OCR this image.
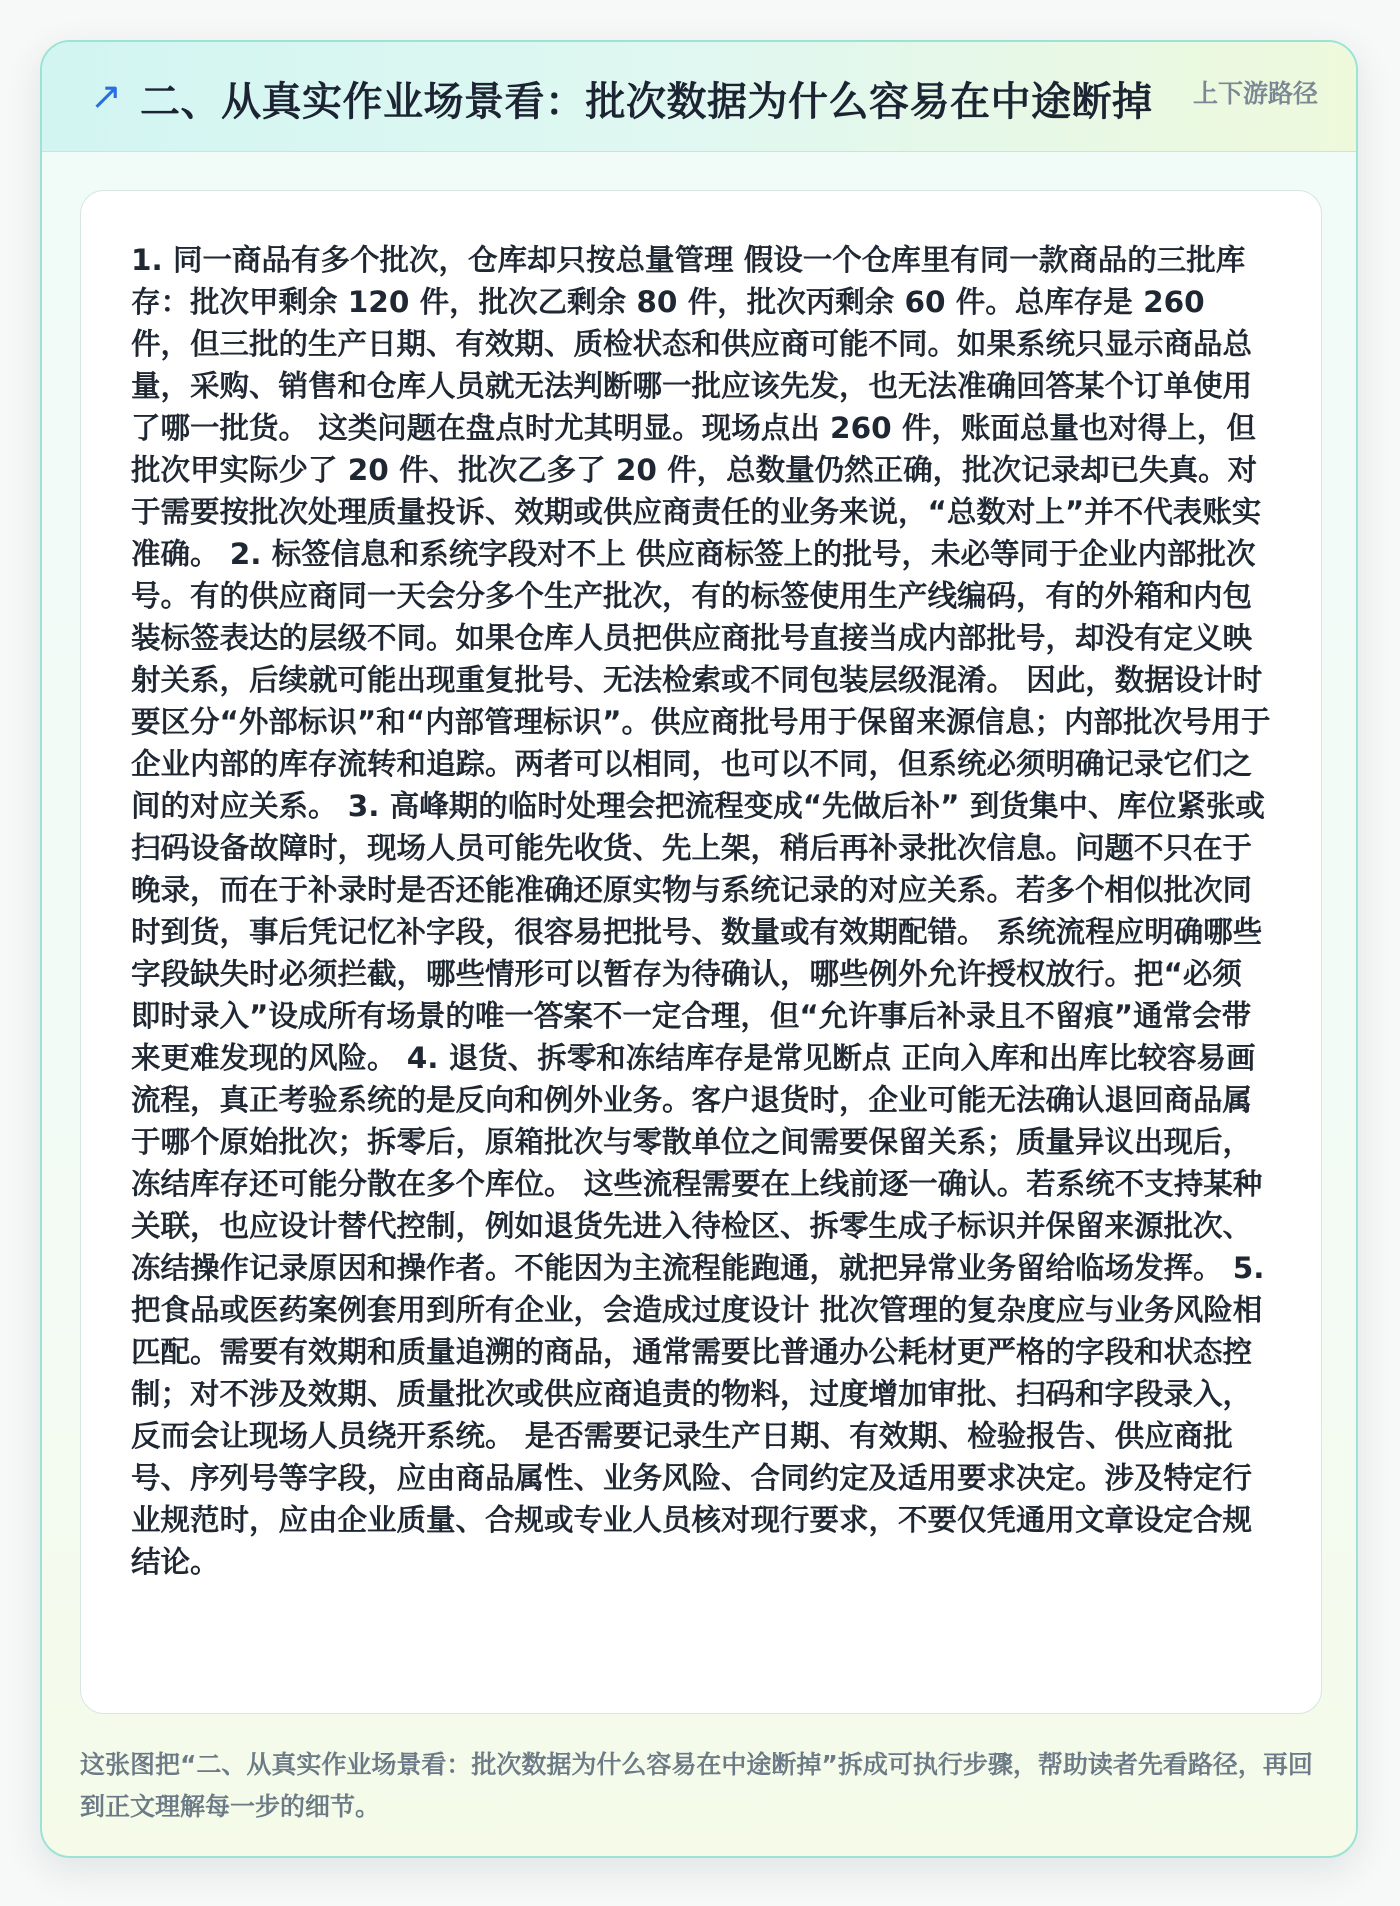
↗ 二、从真实作业场景看：批次数据为什么容易在中途断掉 上下游路径

1. 同一商品有多个批次，仓库却只按总量管理 假设一个仓库里有同一款商品的三批库存：批次甲剩余 120 件，批次乙剩余 80 件，批次丙剩余 60 件。总库存是 260 件，但三批的生产日期、有效期、质检状态和供应商可能不同。如果系统只显示商品总量，采购、销售和仓库人员就无法判断哪一批应该先发，也无法准确回答某个订单使用了哪一批货。 这类问题在盘点时尤其明显。现场点出 260 件，账面总量也对得上，但批次甲实际少了 20 件、批次乙多了 20 件，总数量仍然正确，批次记录却已失真。对于需要按批次处理质量投诉、效期或供应商责任的业务来说，“总数对上”并不代表账实准确。 2. 标签信息和系统字段对不上 供应商标签上的批号，未必等同于企业内部批次号。有的供应商同一天会分多个生产批次，有的标签使用生产线编码，有的外箱和内包装标签表达的层级不同。如果仓库人员把供应商批号直接当成内部批号，却没有定义映射关系，后续就可能出现重复批号、无法检索或不同包装层级混淆。 因此，数据设计时要区分“外部标识”和“内部管理标识”。供应商批号用于保留来源信息；内部批次号用于企业内部的库存流转和追踪。两者可以相同，也可以不同，但系统必须明确记录它们之间的对应关系。 3. 高峰期的临时处理会把流程变成“先做后补” 到货集中、库位紧张或扫码设备故障时，现场人员可能先收货、先上架，稍后再补录批次信息。问题不只在于晚录，而在于补录时是否还能准确还原实物与系统记录的对应关系。若多个相似批次同时到货，事后凭记忆补字段，很容易把批号、数量或有效期配错。 系统流程应明确哪些字段缺失时必须拦截，哪些情形可以暂存为待确认，哪些例外允许授权放行。把“必须即时录入”设成所有场景的唯一答案不一定合理，但“允许事后补录且不留痕”通常会带来更难发现的风险。 4. 退货、拆零和冻结库存是常见断点 正向入库和出库比较容易画流程，真正考验系统的是反向和例外业务。客户退货时，企业可能无法确认退回商品属于哪个原始批次；拆零后，原箱批次与零散单位之间需要保留关系；质量异议出现后，冻结库存还可能分散在多个库位。 这些流程需要在上线前逐一确认。若系统不支持某种关联，也应设计替代控制，例如退货先进入待检区、拆零生成子标识并保留来源批次、冻结操作记录原因和操作者。不能因为主流程能跑通，就把异常业务留给临场发挥。 5. 把食品或医药案例套用到所有企业，会造成过度设计 批次管理的复杂度应与业务风险相匹配。需要有效期和质量追溯的商品，通常需要比普通办公耗材更严格的字段和状态控制；对不涉及效期、质量批次或供应商追责的物料，过度增加审批、扫码和字段录入，反而会让现场人员绕开系统。 是否需要记录生产日期、有效期、检验报告、供应商批号、序列号等字段，应由商品属性、业务风险、合同约定及适用要求决定。涉及特定行业规范时，应由企业质量、合规或专业人员核对现行要求，不要仅凭通用文章设定合规结论。

这张图把“二、从真实作业场景看：批次数据为什么容易在中途断掉”拆成可执行步骤，帮助读者先看路径，再回到正文理解每一步的细节。
